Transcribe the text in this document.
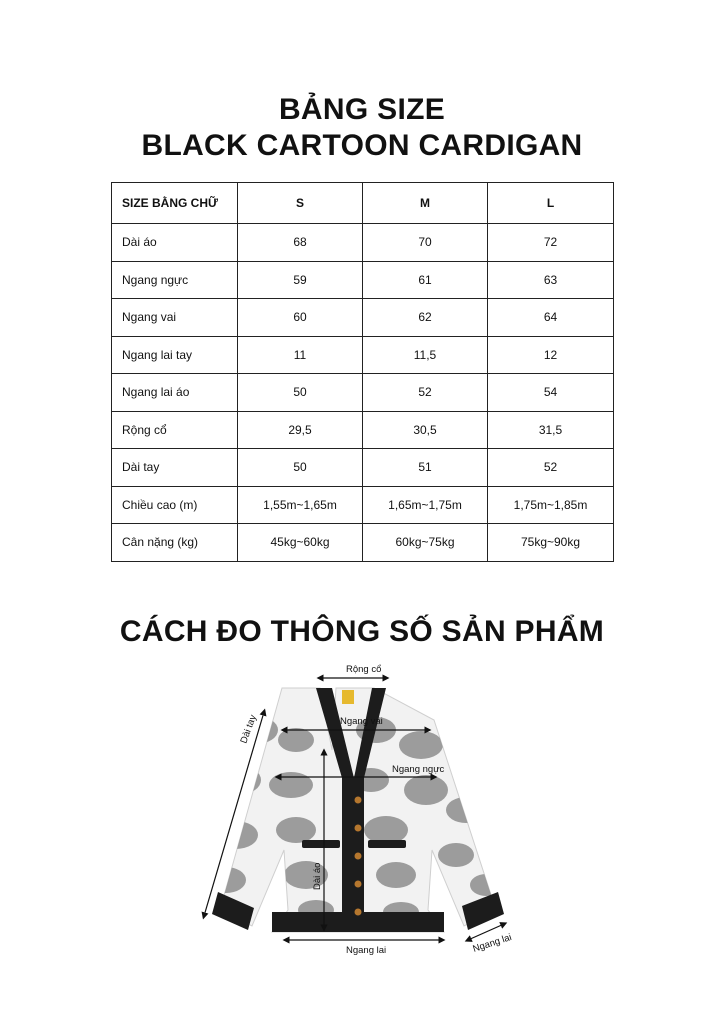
BẢNG SIZE
BLACK CARTOON CARDIGAN
SIZE BẰNG CHỮ	S	M	L
Dài áo	68	70	72
Ngang ngực	59	61	63
Ngang vai	60	62	64
Ngang lai tay	11	11,5	12
Ngang lai áo	50	52	54
Rộng cổ	29,5	30,5	31,5
Dài tay	50	51	52
Chiều cao (m)	1,55m~1,65m	1,65m~1,75m	1,75m~1,85m
Cân nặng (kg)	45kg~60kg	60kg~75kg	75kg~90kg
CÁCH ĐO THÔNG SỐ SẢN PHẨM
Rộng cổ
Ngang vai
Ngang ngực
Dài tay
Dài áo
Ngang lai	Ngang lai
